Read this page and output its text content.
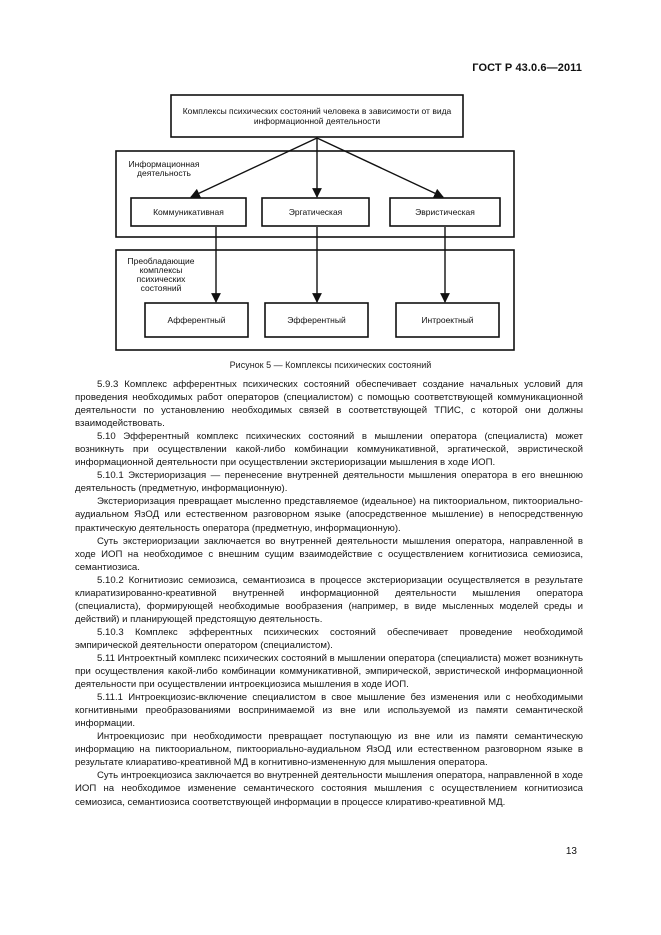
ГОСТ Р 43.0.6—2011
Комплексы психических состояний человека в зависимости от вида информационной деятельности
Информационная деятельность
Преобладающие комплексы психических состояний
Коммуникативная	Эргатическая	Эвристическая
Афферентный	Эфферентный	Интроектный
Рисунок 5 — Комплексы психических состояний

5.9.3 Комплекс афферентных психических состояний обеспечивает создание начальных условий для проведения необходимых работ операторов (специалистом) с помощью соответствующей коммуникационной деятельности по установлению необходимых связей в соответствующей ТПИС, с которой они должны взаимодействовать.

5.10 Эфферентный комплекс психических состояний в мышлении оператора (специалиста) может возникнуть при осуществлении какой-либо комбинации коммуникативной, эргатической, эвристической информационной деятельности при осуществлении экстериоризации мышления в ходе ИОП.

5.10.1 Экстериоризация — перенесение внутренней деятельности мышления оператора в его внешнюю деятельность (предметную, информационную).

Экстериоризация превращает мысленно представляемое (идеальное) на пиктоориальном, пиктоориально-аудиальном ЯзОД или естественном разговорном языке (апосредственное мышление) в непосредственную практическую деятельность оператора (предметную, информационную).

Суть экстериоризации заключается во внутренней деятельности мышления оператора, направленной в ходе ИОП на необходимое с внешним сущим взаимодействие с осуществлением когнитиозиса семиозиса, семантиозиса.

5.10.2 Когнитиозис семиозиса, семантиозиса в процессе экстериоризации осуществляется в результате клиаратизированно-креативной внутренней информационной деятельности мышления оператора (специалиста), формирующей необходимые вообразения (например, в виде мысленных моделей среды и действий) и планирующей предстоящую деятельность.

5.10.3 Комплекс эфферентных психических состояний обеспечивает проведение необходимой эмпирической деятельности оператором (специалистом).

5.11 Интроектный комплекс психических состояний в мышлении оператора (специалиста) может возникнуть при осуществления какой-либо комбинации коммуникативной, эмпирической, эвристической информационной деятельности при осуществлении интроекциозиса мышления в ходе ИОП.

5.11.1 Интроекциозис-включение специалистом в свое мышление без изменения или с необходимыми когнитивными преобразованиями воспринимаемой из вне или используемой из памяти семантической информации.

Интроекциозис при необходимости превращает поступающую из вне или из памяти семантическую информацию на пиктоориальном, пиктоориально-аудиальном ЯзОД или естественном разговорном языке в результате клиаративо-креативной МД в когнитивно-измененную для мышления оператора.

Суть интроекциозиса заключается во внутренней деятельности мышления оператора, направленной в ходе ИОП на необходимое изменение семантического состояния мышления с осуществлением когнитиозиса семиозиса, семантиозиса соответствующей информации в процессе клиративо-креативной МД.

13
